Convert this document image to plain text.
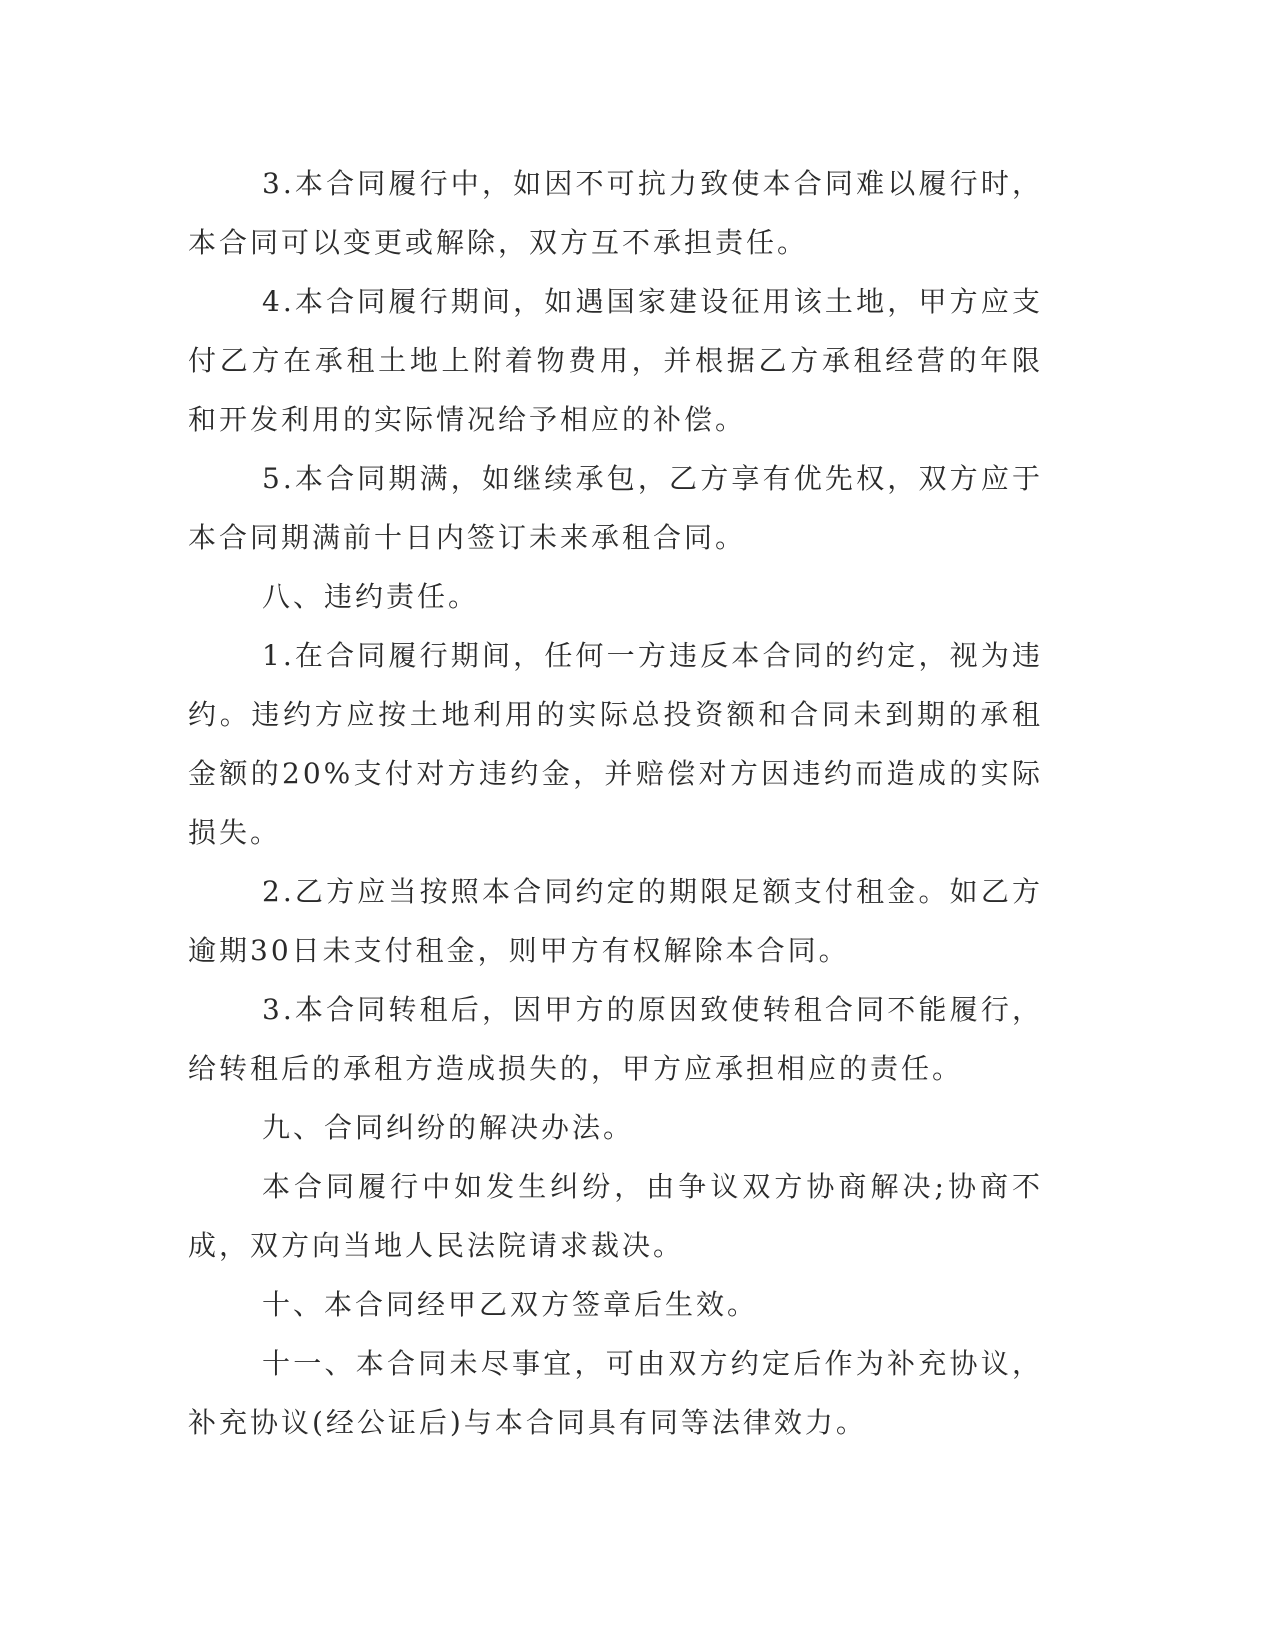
3.本合同履行中，如因不可抗力致使本合同难以履行时，本合同可以变更或解除，双方互不承担责任。

4.本合同履行期间，如遇国家建设征用该土地，甲方应支付乙方在承租土地上附着物费用，并根据乙方承租经营的年限和开发利用的实际情况给予相应的补偿。

5.本合同期满，如继续承包，乙方享有优先权，双方应于本合同期满前十日内签订未来承租合同。

八、违约责任。

1.在合同履行期间，任何一方违反本合同的约定，视为违约。违约方应按土地利用的实际总投资额和合同未到期的承租金额的20%支付对方违约金，并赔偿对方因违约而造成的实际损失。

2.乙方应当按照本合同约定的期限足额支付租金。如乙方逾期30日未支付租金，则甲方有权解除本合同。

3.本合同转租后，因甲方的原因致使转租合同不能履行，给转租后的承租方造成损失的，甲方应承担相应的责任。

九、合同纠纷的解决办法。

本合同履行中如发生纠纷，由争议双方协商解决;协商不成，双方向当地人民法院请求裁决。

十、本合同经甲乙双方签章后生效。

十一、本合同未尽事宜，可由双方约定后作为补充协议，补充协议(经公证后)与本合同具有同等法律效力。
